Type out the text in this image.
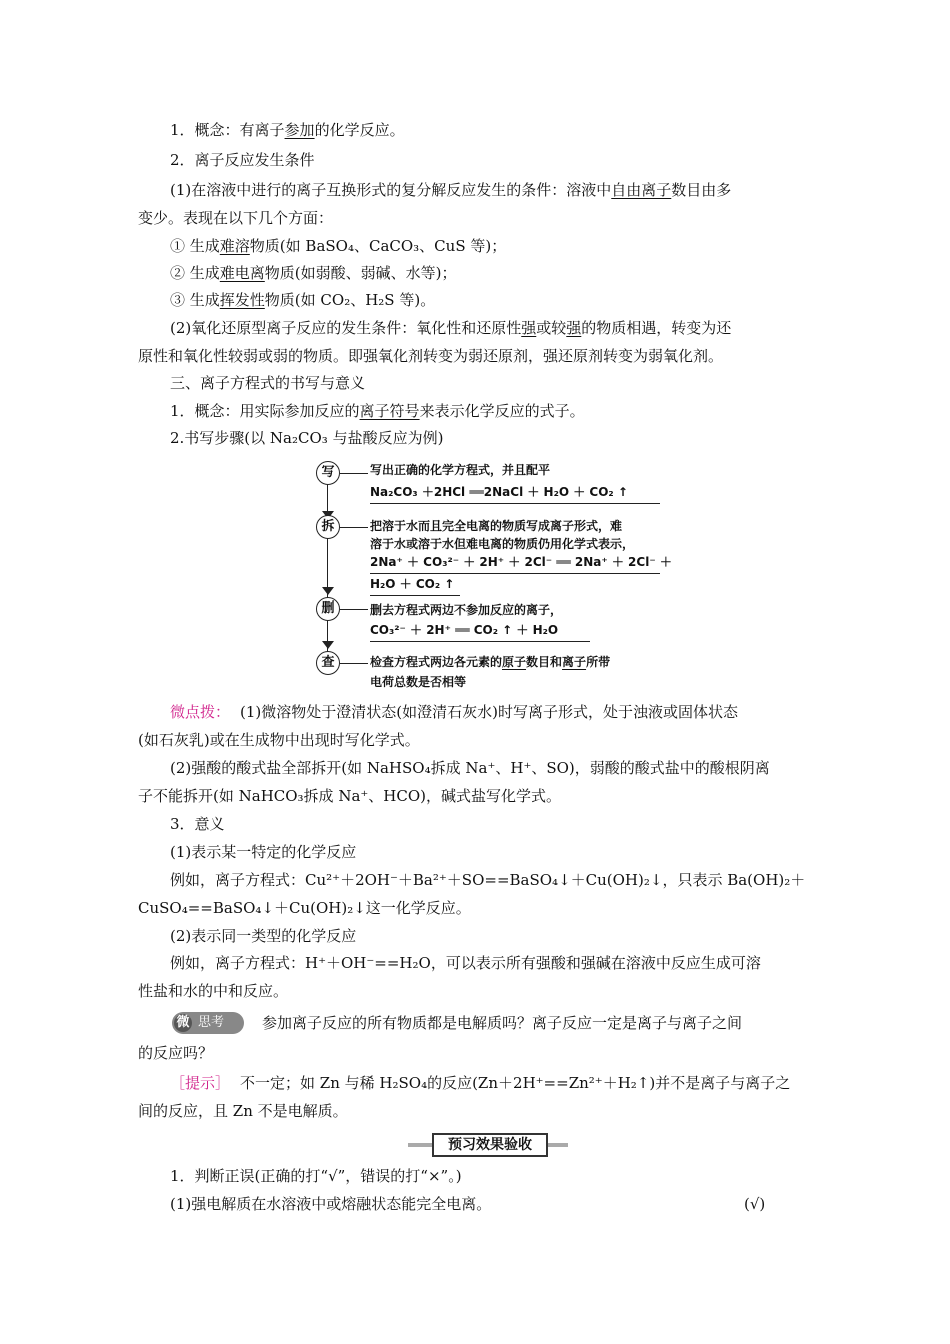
1．概念：有离子参加的化学反应。
2．离子反应发生条件
(1)在溶液中进行的离子互换形式的复分解反应发生的条件：溶液中自由离子数目由多
变少。表现在以下几个方面：
① 生成难溶物质(如 BaSO₄、CaCO₃、CuS 等)；
② 生成难电离物质(如弱酸、弱碱、水等)；
③ 生成挥发性物质(如 CO₂、H₂S 等)。
(2)氧化还原型离子反应的发生条件：氧化性和还原性强或较强的物质相遇，转变为还
原性和氧化性较弱或弱的物质。即强氧化剂转变为弱还原剂，强还原剂转变为弱氧化剂。
三、离子方程式的书写与意义
1．概念：用实际参加反应的离子符号来表示化学反应的式子。
2.书写步骤(以 Na₂CO₃ 与盐酸反应为例)
写	写出正确的化学方程式，并且配平
Na₂CO₃ ＋2HCl ══2NaCl ＋ H₂O ＋ CO₂ ↑
拆	把溶于水而且完全电离的物质写成离子形式，难
溶于水或溶于水但难电离的物质仍用化学式表示，
2Na⁺ ＋ CO₃²⁻ ＋ 2H⁺ ＋ 2Cl⁻ ══ 2Na⁺ ＋ 2Cl⁻ ＋
H₂O ＋ CO₂ ↑
删	删去方程式两边不参加反应的离子，
CO₃²⁻ ＋ 2H⁺ ══ CO₂ ↑ ＋ H₂O
查	检查方程式两边各元素的原子数目和离子所带
电荷总数是否相等
微点拨： (1)微溶物处于澄清状态(如澄清石灰水)时写离子形式，处于浊液或固体状态
(如石灰乳)或在生成物中出现时写化学式。
(2)强酸的酸式盐全部拆开(如 NaHSO₄拆成 Na⁺、H⁺、SO)，弱酸的酸式盐中的酸根阴离
子不能拆开(如 NaHCO₃拆成 Na⁺、HCO)，碱式盐写化学式。
3．意义
(1)表示某一特定的化学反应
例如，离子方程式：Cu²⁺＋2OH⁻＋Ba²⁺＋SO==BaSO₄↓＋Cu(OH)₂↓，只表示 Ba(OH)₂＋
CuSO₄==BaSO₄↓＋Cu(OH)₂↓这一化学反应。
(2)表示同一类型的化学反应
例如，离子方程式：H⁺＋OH⁻==H₂O，可以表示所有强酸和强碱在溶液中反应生成可溶
性盐和水的中和反应。
微 思考	参加离子反应的所有物质都是电解质吗？离子反应一定是离子与离子之间
的反应吗？
［提示］ 不一定；如 Zn 与稀 H₂SO₄的反应(Zn＋2H⁺==Zn²⁺＋H₂↑)并不是离子与离子之
间的反应，且 Zn 不是电解质。
预习效果验收
1．判断正误(正确的打“√”，错误的打“×”。)
(1)强电解质在水溶液中或熔融状态能完全电离。	(√)
